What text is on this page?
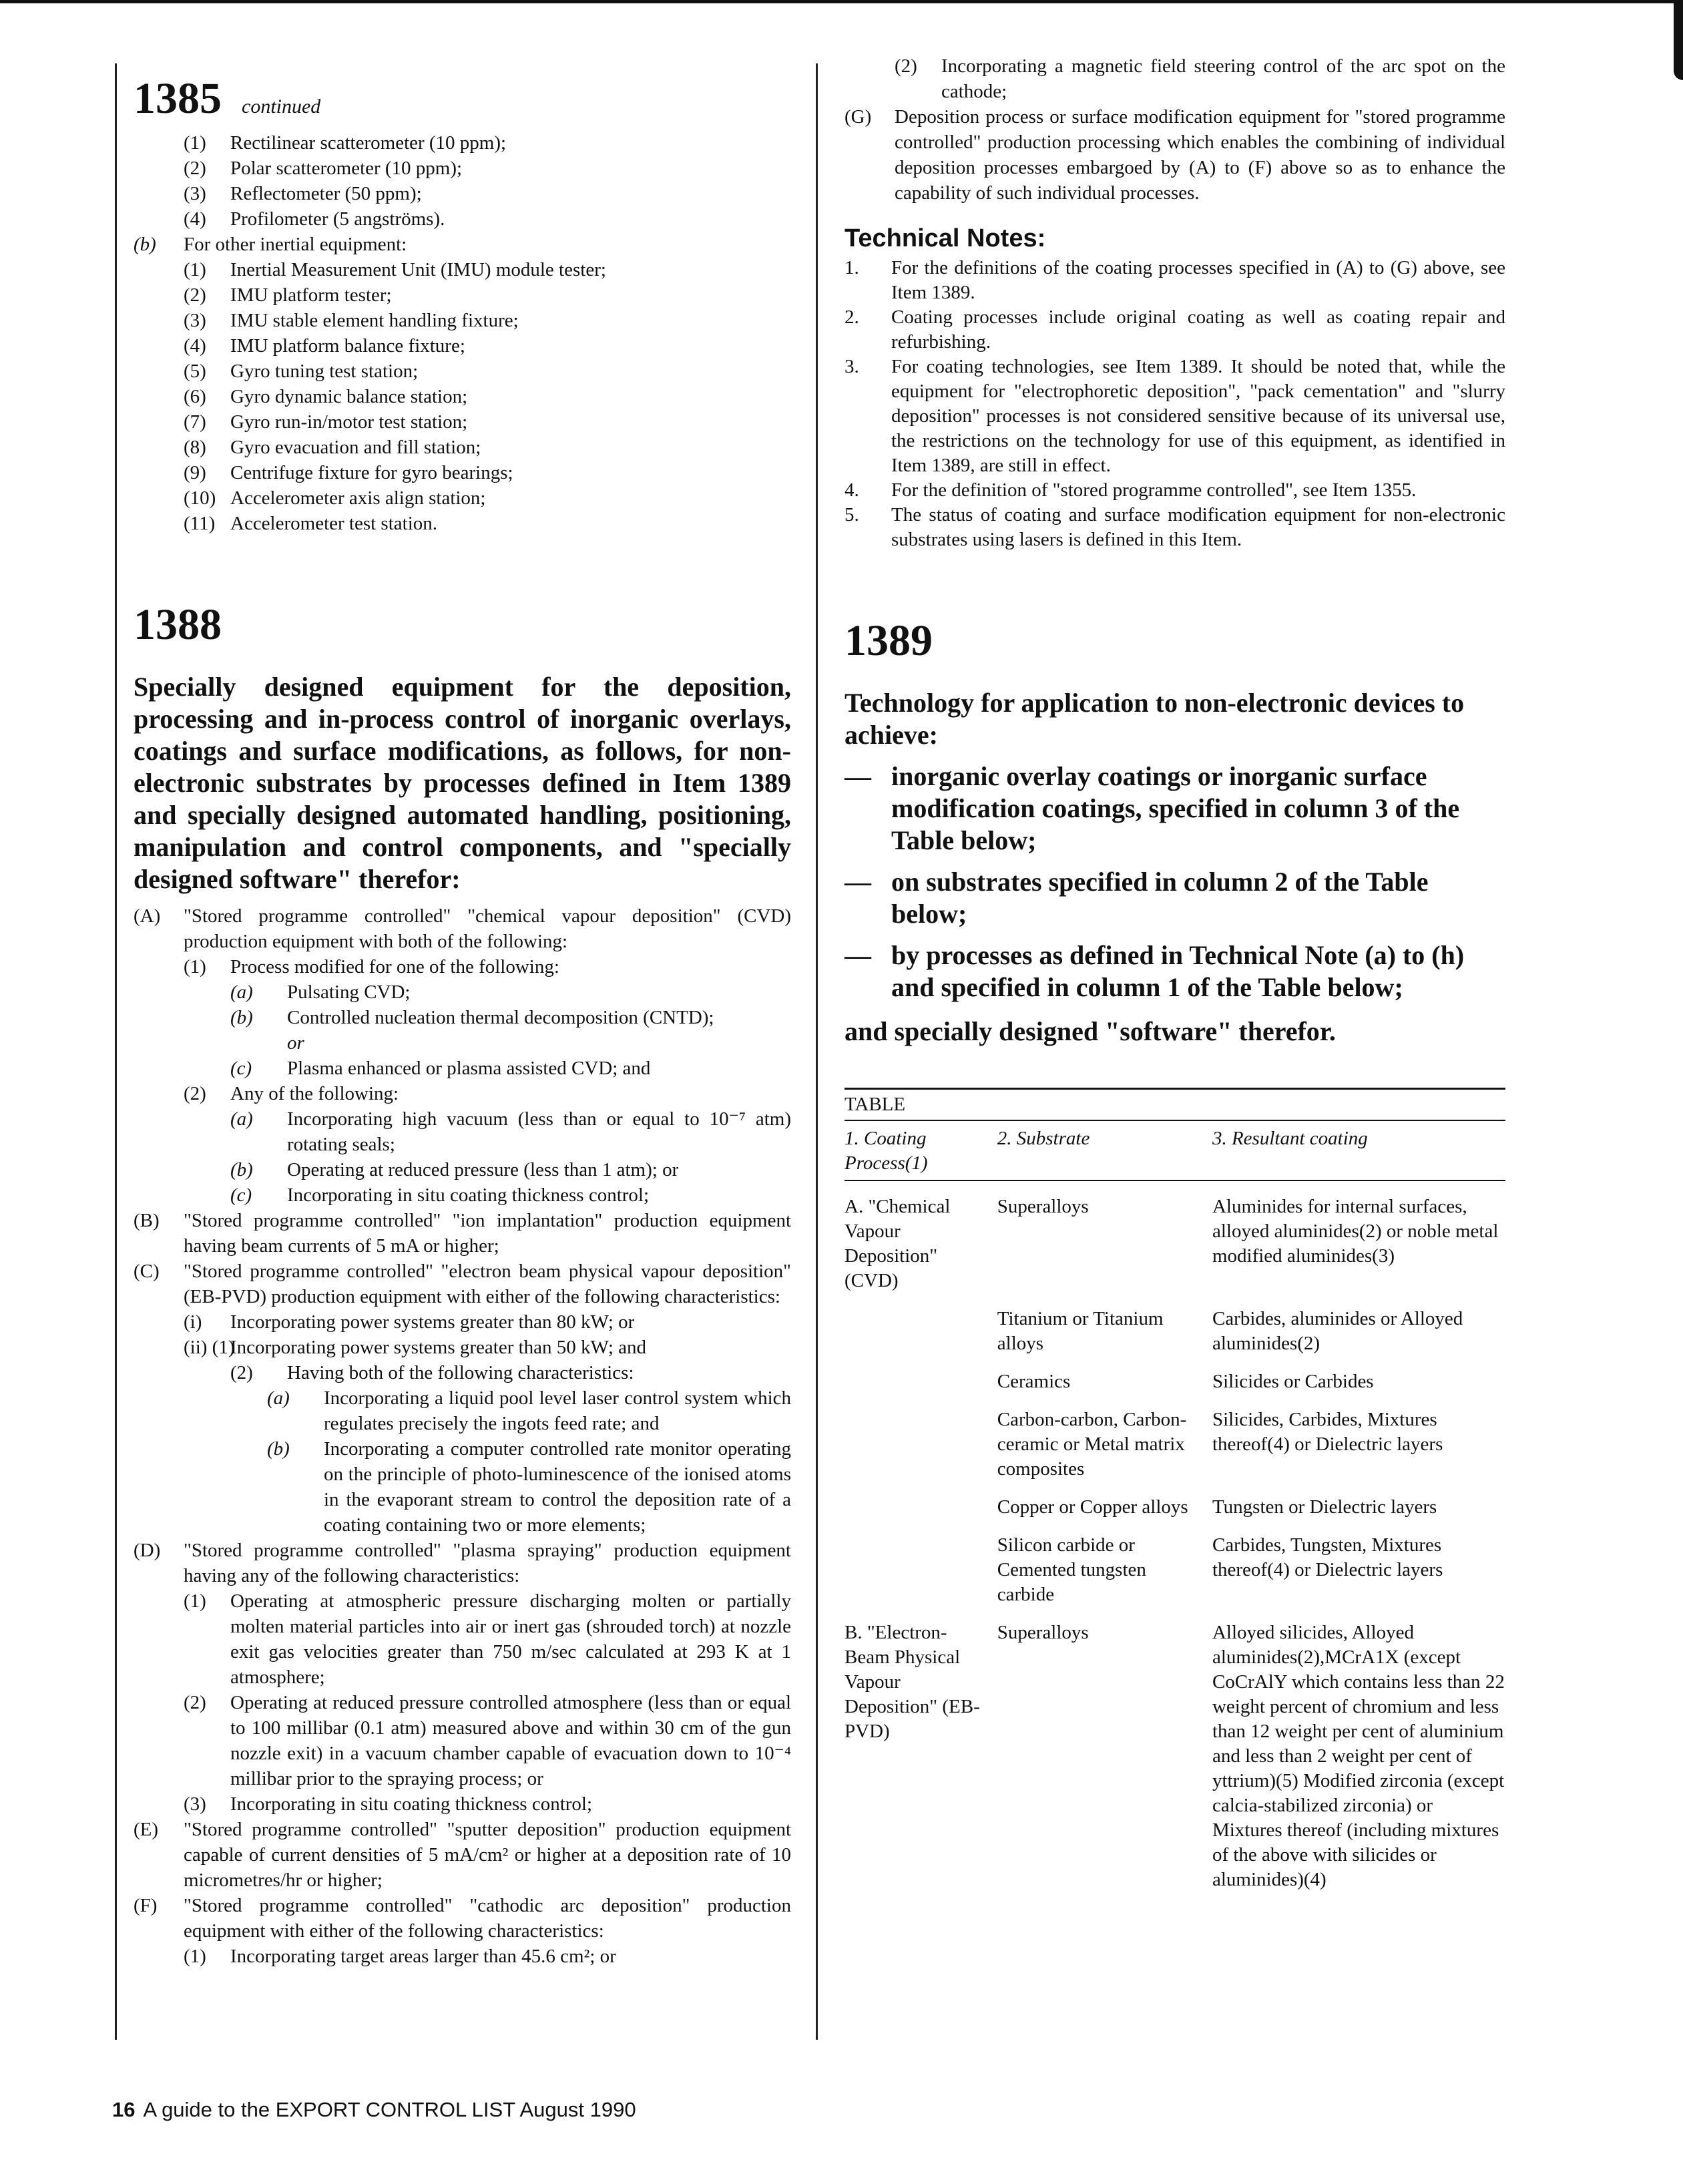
1385 continued
(1) Rectilinear scatterometer (10 ppm);
(2) Polar scatterometer (10 ppm);
(3) Reflectometer (50 ppm);
(4) Profilometer (5 angströms).
(b) For other inertial equipment:
(1) Inertial Measurement Unit (IMU) module tester;
(2) IMU platform tester;
(3) IMU stable element handling fixture;
(4) IMU platform balance fixture;
(5) Gyro tuning test station;
(6) Gyro dynamic balance station;
(7) Gyro run-in/motor test station;
(8) Gyro evacuation and fill station;
(9) Centrifuge fixture for gyro bearings;
(10) Accelerometer axis align station;
(11) Accelerometer test station.
1388
Specially designed equipment for the deposition, processing and in-process control of inorganic overlays, coatings and surface modifications, as follows, for non-electronic substrates by processes defined in Item 1389 and specially designed automated handling, positioning, manipulation and control components, and "specially designed software" therefor:
(A) "Stored programme controlled" "chemical vapour deposition" (CVD) production equipment with both of the following:
(1) Process modified for one of the following:
(a) Pulsating CVD;
(b) Controlled nucleation thermal decomposition (CNTD);
or
(c) Plasma enhanced or plasma assisted CVD; and
(2) Any of the following:
(a) Incorporating high vacuum (less than or equal to 10⁻⁷ atm) rotating seals;
(b) Operating at reduced pressure (less than 1 atm); or
(c) Incorporating in situ coating thickness control;
(B) "Stored programme controlled" "ion implantation" production equipment having beam currents of 5 mA or higher;
(C) "Stored programme controlled" "electron beam physical vapour deposition" (EB-PVD) production equipment with either of the following characteristics:
(i) Incorporating power systems greater than 80 kW; or
(ii) (1)
Incorporating power systems greater than 50 kW; and
(2) Having both of the following characteristics:
(a) Incorporating a liquid pool level laser control system which regulates precisely the ingots feed rate; and
(b) Incorporating a computer controlled rate monitor operating on the principle of photo-luminescence of the ionised atoms in the evaporant stream to control the deposition rate of a coating containing two or more elements;
(D) "Stored programme controlled" "plasma spraying" production equipment having any of the following characteristics:
(1) Operating at atmospheric pressure discharging molten or partially molten material particles into air or inert gas (shrouded torch) at nozzle exit gas velocities greater than 750 m/sec calculated at 293 K at 1 atmosphere;
(2) Operating at reduced pressure controlled atmosphere (less than or equal to 100 millibar (0.1 atm) measured above and within 30 cm of the gun nozzle exit) in a vacuum chamber capable of evacuation down to 10⁻⁴ millibar prior to the spraying process; or
(3) Incorporating in situ coating thickness control;
(E) "Stored programme controlled" "sputter deposition" production equipment capable of current densities of 5 mA/cm² or higher at a deposition rate of 10 micrometres/hr or higher;
(F) "Stored programme controlled" "cathodic arc deposition" production equipment with either of the following characteristics:
(1) Incorporating target areas larger than 45.6 cm²; or
(2) Incorporating a magnetic field steering control of the arc spot on the cathode;
(G) Deposition process or surface modification equipment for "stored programme controlled" production processing which enables the combining of individual deposition processes embargoed by (A) to (F) above so as to enhance the capability of such individual processes.
Technical Notes:
1. For the definitions of the coating processes specified in (A) to (G) above, see Item 1389.
2. Coating processes include original coating as well as coating repair and refurbishing.
3. For coating technologies, see Item 1389. It should be noted that, while the equipment for "electrophoretic deposition", "pack cementation" and "slurry deposition" processes is not considered sensitive because of its universal use, the restrictions on the technology for use of this equipment, as identified in Item 1389, are still in effect.
4. For the definition of "stored programme controlled", see Item 1355.
5. The status of coating and surface modification equipment for non-electronic substrates using lasers is defined in this Item.
1389
Technology for application to non-electronic devices to achieve:
— inorganic overlay coatings or inorganic surface modification coatings, specified in column 3 of the Table below;
— on substrates specified in column 2 of the Table below;
— by processes as defined in Technical Note (a) to (h) and specified in column 1 of the Table below;
and specially designed "software" therefor.
TABLE
1. Coating Process(1)	2. Substrate	3. Resultant coating
A. "Chemical Vapour Deposition" (CVD)	Superalloys	Aluminides for internal surfaces, alloyed aluminides(2) or noble metal modified aluminides(3)
	Titanium or Titanium alloys	Carbides, aluminides or Alloyed aluminides(2)
	Ceramics	Silicides or Carbides
	Carbon-carbon, Carbon-ceramic or Metal matrix composites	Silicides, Carbides, Mixtures thereof(4) or Dielectric layers
	Copper or Copper alloys	Tungsten or Dielectric layers
	Silicon carbide or Cemented tungsten carbide	Carbides, Tungsten, Mixtures thereof(4) or Dielectric layers
B. "Electron-Beam Physical Vapour Deposition" (EB-PVD)	Superalloys	Alloyed silicides, Alloyed aluminides(2),MCrA1X (except CoCrAlY which contains less than 22 weight percent of chromium and less than 12 weight per cent of aluminium and less than 2 weight per cent of yttrium)(5) Modified zirconia (except calcia-stabilized zirconia) or Mixtures thereof (including mixtures of the above with silicides or aluminides)(4)
16 A guide to the EXPORT CONTROL LIST August 1990
